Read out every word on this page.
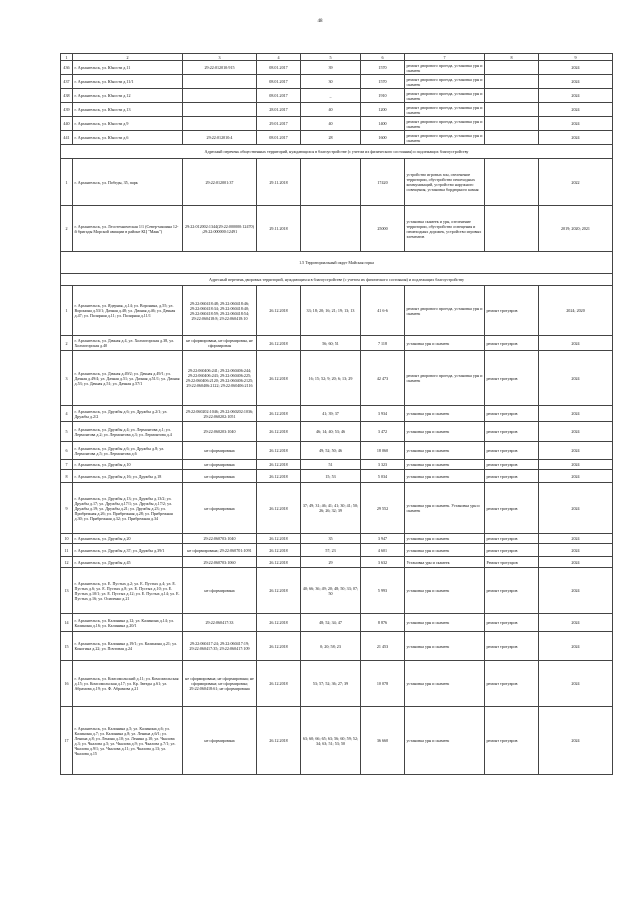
48
1	2	3	4	5	6	7	8	9
436	г. Архангельск, ул. Юности д.11	29:22:012010:915	08.01.2017	39	1570	ремонт дворового проезда, установка урн и скамеек		2024
437	г. Архангельск, ул. Юности д.11/1		08.01.2017	30	1570	ремонт дворового проезда, установка урн и скамеек		2024
438	г. Архангельск, ул. Юности д.12		08.01.2017	_	1910	ремонт дворового проезда, установка урн и скамеек		2024
439	г. Архангельск, ул. Юности д.13		28.01.2017	40	1200	ремонт дворового проезда, установка урн и скамеек		2024
440	г. Архангельск, ул. Юности д.9		29.01.2017	40	1400	ремонт дворового проезда, установка урн и скамеек		2024
441	г. Архангельск, ул. Юности д.6	29:22:012010:4	08.01.2017	28	1600	ремонт дворового проезда, установка урн и скамеек		2024
Адресный перечень общественных территорий, нуждающихся в благоустройстве (с учетом их физического состояния) и подлежащих благоустройству								
1	г. Архангельск, ул. Победы, 35, парк	29:22:012001:37	29.11.2018		17420	устройство игровых зон, озеленение территории, обустройство пешеходных коммуникаций, устройство наружного освещения, установка бордюрного камня		2022
2	г. Архангельск, ул. Лесотехническая 1/1 (Север-машина 12-й бригады Морской авиации в районе КЦ "Маяк")	29:22:012002:1344(29:22:000000:12470);29:22:000000:12491	29.11.2018		25000	установка скамеек и урн, озеленение территории, обустройство освещения и пешеходных дорожек, устройство игровых элементов		2019; 2020; 2021
1.5 Территориальный округ Майская горка								
Адресный перечень дворовых территорий, нуждающихся в благоустройстве (с учетом их физического состояния) и подлежащих благоустройству								
1	г. Архангельск, ул. Ядерная, д.14; ул. Воронина, д.55; ул. Воронина д.53/1; Дачная д.48; ул. Дачная д.46; ул. Дачная д.47; ул. Полярная д.11; ул. Полярная д.11/1	29:22:060418:48; 29:22:060418:46; 29:22:060418:34; 29:22:060418:40; 29:22:060418:59; 29:22:060418:54; 29:22:060418:8; 29:22:060418:10	26.12.2018	33; 18; 20; 16; 21; 19; 13; 13	41 6-6	ремонт дворового проезда, установка урн и скамеек	ремонт тротуаров	2024; 2020
2	г. Архангельск, ул. Дачная д.4, ул. Холмогорская д.38, ул. Холмогорская д.40	не сформирована, не сформирован, не сформирован	26.12.2018	56; 60; 51	7 118	установка урн и скамеек	ремонт тротуаров	2024
3	г. Архангельск, ул. Дачная д.49/2; ул. Дачная д.49/1; ул. Дачная д.49/4; ул. Дачная д.51; ул. Дачная д.51/1; ул. Дачная д.53; ул. Дачная д.51; ул. Дачная д.57/1	29:22:060406:241; 29:22:060406:244; 29:22:060406:243; 29:22:060406:225; 29:22:060406:2120; 29:22:060406:2125; 29:22:060406:2122; 29:22:060406:2116	26.12.2018	16; 15; 52; 9; 20; 6; 13; 29	42 473	ремонт дворового проезда, установка урн и скамеек	ремонт тротуаров	2024
4	г. Архангельск, ул. Дружбы д.6; ул. Дружбы д.2/1; ул. Дружбы д.2/2	29:22:060202:1046; 29:22:060202:1036; 29:22:060202:1051	26.12.2018	41; 39; 37	3 934	установка урн и скамеек	ремонт тротуаров	2024
5	г. Архангельск, ул. Дружбы д.4; ул. Лермонтова д.1; ул. Лермонтова д.2; ул. Лермонтова д.3; ул. Лермонтова д.4	29:22:060203:1040	26.12.2018	46; 14; 40; 53; 46	3 472	установка урн и скамеек	ремонт тротуаров	2024
6	г. Архангельск, ул. Дружбы д.6; ул. Дружбы д.8; ул. Лермонтова д.5; ул. Лермонтова д.6	не сформирована	26.12.2018	49; 52; 50; 46	18 060	установка урн и скамеек	ремонт тротуаров	2024
7	г. Архангельск, ул. Дружбы д.10	не сформирована	26.12.2018	51	3 323	установка урн и скамеек	ремонт тротуаров	2024
8	г. Архангельск, ул. Дружбы д.16; ул. Дружбы д.18	не сформирована	26.12.2018	15; 53	5 034	установка урн и скамеек	ремонт тротуаров	2024
9	г. Архангельск, ул. Дружбы д.13; ул. Дружбы д.13/2; ул. Дружбы д.17; ул. Дружбы д.17/1; ул. Дружбы д.17/2; ул. Дружбы д.19; ул. Дружбы д.21; ул. Дружбы д.23; ул. Прибрежная д.26; ул. Прибрежная д.28; ул. Прибрежная д.30; ул. Прибрежная д.32; ул. Прибрежная д.34	не сформирована	26.12.2018	37; 49; 31; 46; 41; 41; 30; 41; 50; 26; 26; 32; 39	29 552	установка урн и скамеек. Установка урн и скамеек	ремонт тротуаров	2024
10	г. Архангельск, ул. Дружбы д.20	29:22:060703:1040	26.12.2018	35	3 947	установка урн и скамеек	ремонт тротуаров	2024
11	г. Архангельск, ул. Дружбы д.37; ул. Дружбы д.39/1	не сформирована; 29:22:060701:1091	26.12.2018	57; 23	4 601	установка урн и скамеек	ремонт тротуаров	2024
12	г. Архангельск, ул. Дружбы д.45	29:22:060703:1060	26.12.2018	29	3 632	Установка урн и скамеек	Ремонт тротуаров	2024
13	г. Архангельск, ул. Е. Пустых д.2; ул. Е. Пустых д.4; ул. Е. Пустых д.6; ул. Е. Пустых д.8; ул. Е. Пустых д.10; ул. Е. Пустых д.10/1; ул. Е. Пустых д.12; ул. Е. Пустых д.14; ул. Е. Пустых д.16; ул. Осипенко д.21	не сформирована	26.12.2018	40; 66; 36; 49; 20; 48; 50; 33; 07; 50	5 993	установка урн и скамеек	ремонт тротуаров	2024
14	г. Архангельск, ул. Калинина д.12; ул. Калинина д.14; ул. Калинина д.16; ул. Калинина д.20/1	29:22:060417:33	26.12.2018	48; 52; 34; 47	8 876	установка урн и скамеек	ремонт тротуаров	2024
15	г. Архангельск, ул. Калинина д.19/1; ул. Калинина д.21; ул. Коногина д.22; ул. Почтовая д.24	29:22:060417:24; 29:22:060417:19; 29:22:060417:35; 29:22:060417:109	26.12.2018	0; 20; 58; 23	21 453	установка урн и скамеек	ремонт тротуаров	2024
16	г. Архангельск, ул. Комсомольский д.11; ул. Комсомольская д.15; ул. Комсомольская д.17; ул. Кр. Звезды д.61; ул. Абрамова д.19; ул. Ф. Абрамова д.21	не сформирована; не сформирована; не сформирована; не сформирован; 29:22:060418:61; не сформирована	26.12.2018	53; 57; 52; 36; 27; 39	10 078	установка урн и скамеек	ремонт тротуаров	2024
17	г. Архангельск, ул. Калинина д.5; ул. Калинина д.6; ул. Калинина д.7; ул. Калинина д.8; ул. Ленина д.6/1; ул. Ленина д.8; ул. Ленина д.10; ул. Ленина д.10; ул. Чкалова д.3; ул. Чкалова д.5; ул. Чкалова д.9; ул. Чкалова д.7/1; ул. Чкалова д.9/1; ул. Чкалова д.11; ул. Чкалова д.13; ул. Чкалова д.15	не сформирована	26.12.2018	63; 60; 66; 65; 63; 56; 60; 59; 52; 34; 63; 51; 53; 50	36 660	установка урн и скамеек	ремонт тротуаров	2024
